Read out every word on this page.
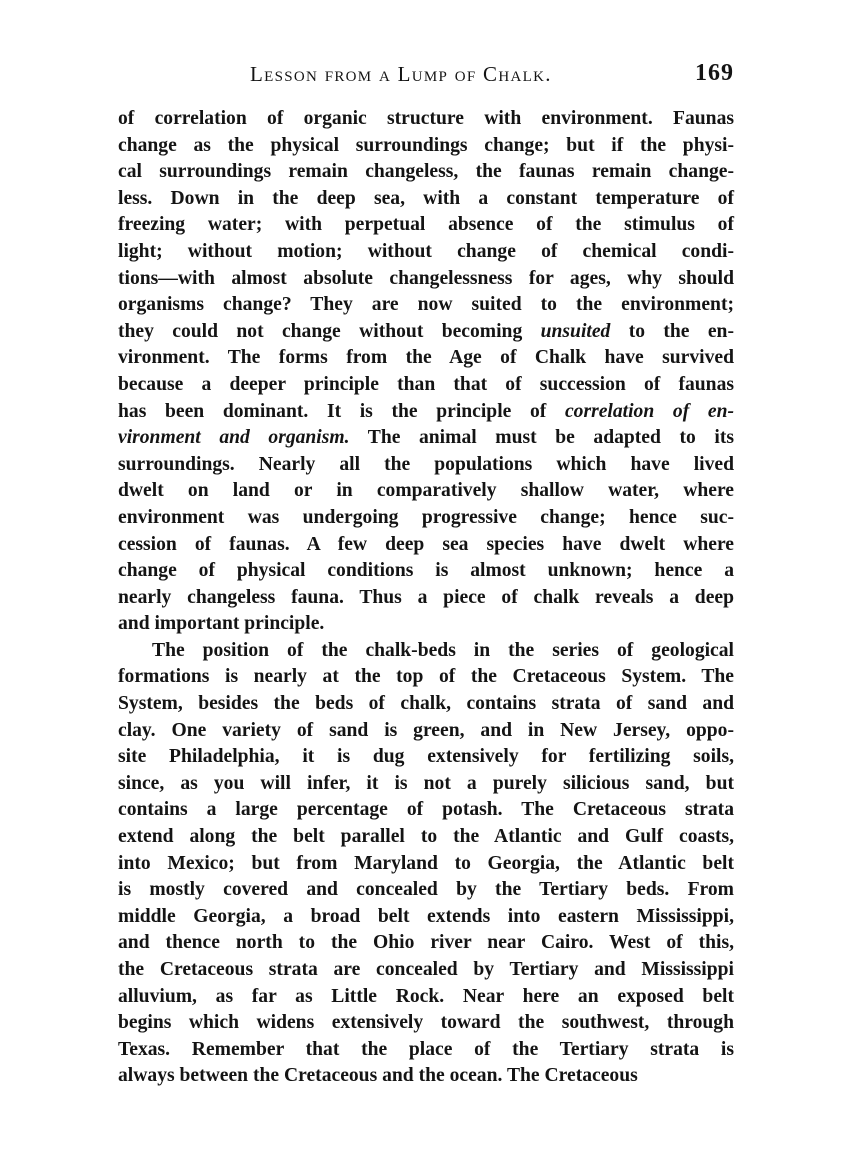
Lesson from a Lump of Chalk.	169
of correlation of organic structure with environment. Faunas
change as the physical surroundings change; but if the physi-
cal surroundings remain changeless, the faunas remain change-
less. Down in the deep sea, with a constant temperature of
freezing water; with perpetual absence of the stimulus of
light; without motion; without change of chemical condi-
tions—with almost absolute changelessness for ages, why should
organisms change? They are now suited to the environment;
they could not change without becoming unsuited to the en-
vironment. The forms from the Age of Chalk have survived
because a deeper principle than that of succession of faunas
has been dominant. It is the principle of correlation of en-
vironment and organism. The animal must be adapted to its
surroundings. Nearly all the populations which have lived
dwelt on land or in comparatively shallow water, where
environment was undergoing progressive change; hence suc-
cession of faunas. A few deep sea species have dwelt where
change of physical conditions is almost unknown; hence a
nearly changeless fauna. Thus a piece of chalk reveals a deep
and important principle.
The position of the chalk-beds in the series of geological
formations is nearly at the top of the Cretaceous System. The
System, besides the beds of chalk, contains strata of sand and
clay. One variety of sand is green, and in New Jersey, oppo-
site Philadelphia, it is dug extensively for fertilizing soils,
since, as you will infer, it is not a purely silicious sand, but
contains a large percentage of potash. The Cretaceous strata
extend along the belt parallel to the Atlantic and Gulf coasts,
into Mexico; but from Maryland to Georgia, the Atlantic belt
is mostly covered and concealed by the Tertiary beds. From
middle Georgia, a broad belt extends into eastern Mississippi,
and thence north to the Ohio river near Cairo. West of this,
the Cretaceous strata are concealed by Tertiary and Mississippi
alluvium, as far as Little Rock. Near here an exposed belt
begins which widens extensively toward the southwest, through
Texas. Remember that the place of the Tertiary strata is
always between the Cretaceous and the ocean. The Cretaceous
